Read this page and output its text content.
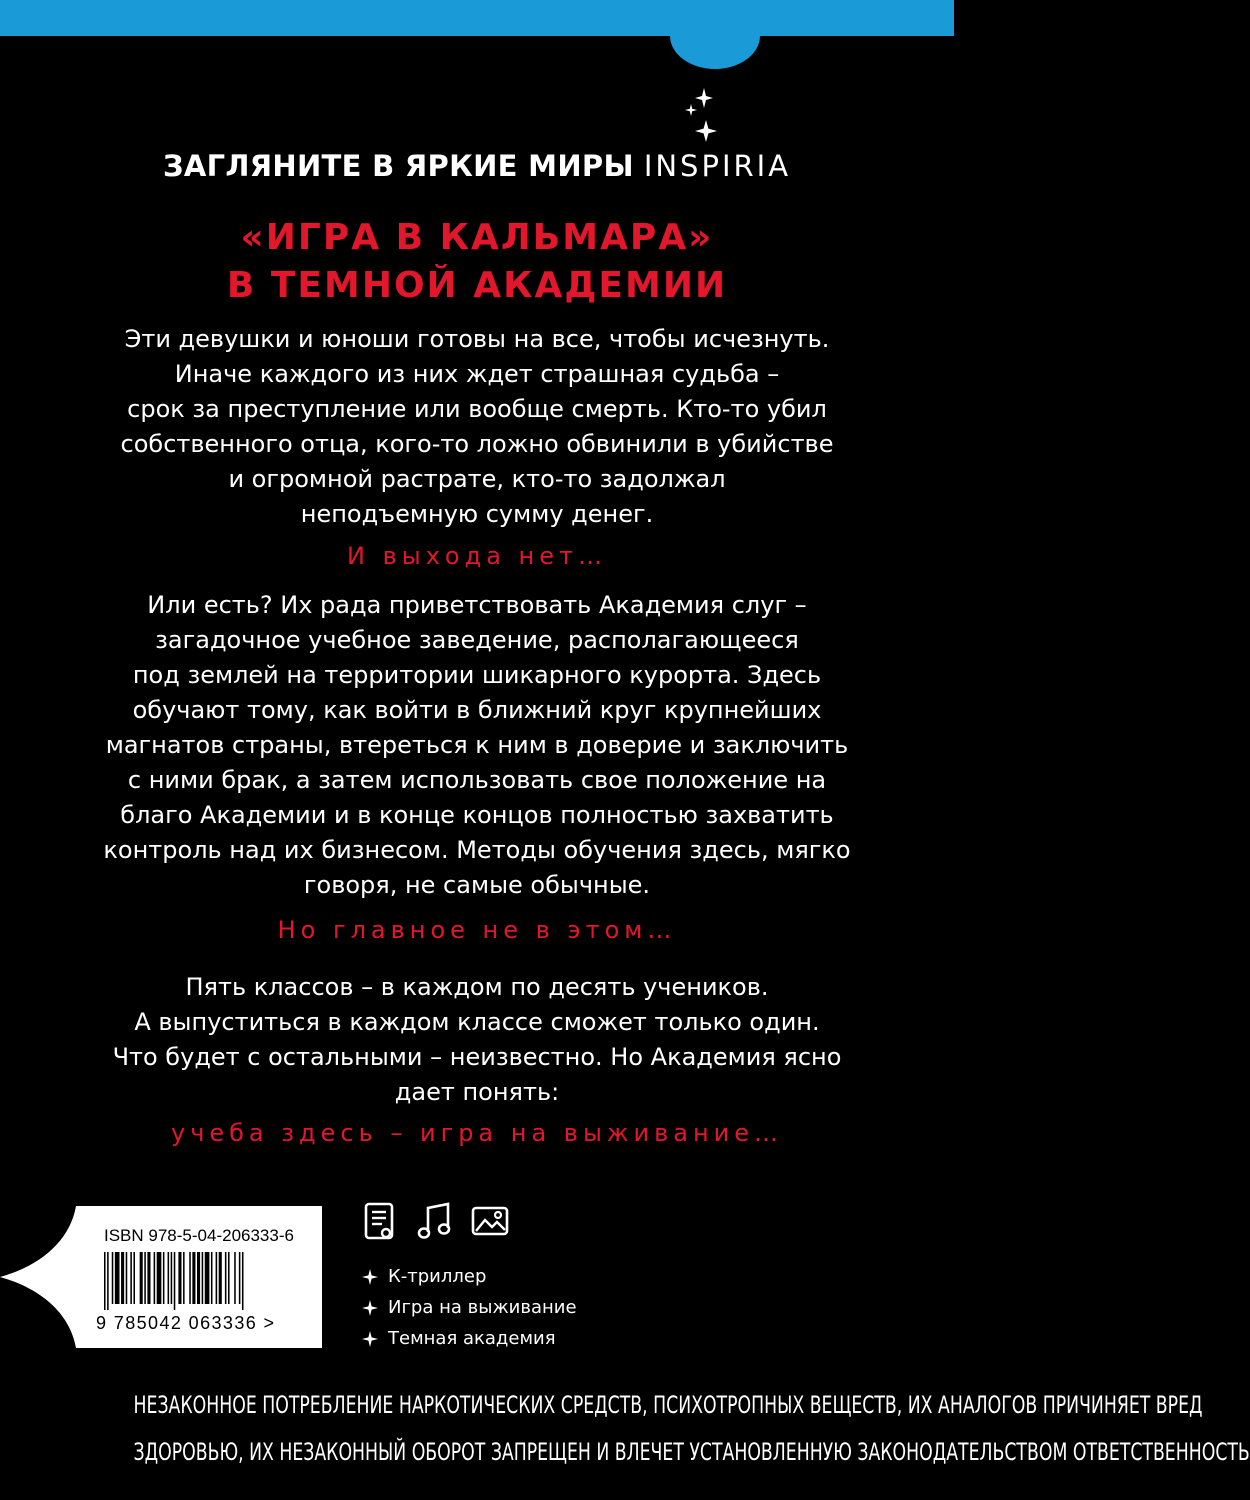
ЗАГЛЯНИТЕ В ЯРКИЕ МИРЫ INSPIRIA
«ИГРА В КАЛЬМАРА»
В ТЕМНОЙ АКАДЕМИИ
Эти девушки и юноши готовы на все, чтобы исчезнуть.
Иначе каждого из них ждет страшная судьба –
срок за преступление или вообще смерть. Кто-то убил
собственного отца, кого-то ложно обвинили в убийстве
и огромной растрате, кто-то задолжал
неподъемную сумму денег.
И выхода нет…
Или есть? Их рада приветствовать Академия слуг –
загадочное учебное заведение, располагающееся
под землей на территории шикарного курорта. Здесь
обучают тому, как войти в ближний круг крупнейших
магнатов страны, втереться к ним в доверие и заключить
с ними брак, а затем использовать свое положение на
благо Академии и в конце концов полностью захватить
контроль над их бизнесом. Методы обучения здесь, мягко
говоря, не самые обычные.
Но главное не в этом…
Пять классов – в каждом по десять учеников.
А выпуститься в каждом классе сможет только один.
Что будет с остальными – неизвестно. Но Академия ясно
дает понять:
учеба здесь – игра на выживание…
ISBN 978-5-04-206333-6
9 785042 063336 >
К-триллер
Игра на выживание
Темная академия
НЕЗАКОННОЕ ПОТРЕБЛЕНИЕ НАРКОТИЧЕСКИХ СРЕДСТВ, ПСИХОТРОПНЫХ ВЕЩЕСТВ, ИХ АНАЛОГОВ ПРИЧИНЯЕТ ВРЕД
ЗДОРОВЬЮ, ИХ НЕЗАКОННЫЙ ОБОРОТ ЗАПРЕЩЕН И ВЛЕЧЕТ УСТАНОВЛЕННУЮ ЗАКОНОДАТЕЛЬСТВОМ ОТВЕТСТВЕННОСТЬ
